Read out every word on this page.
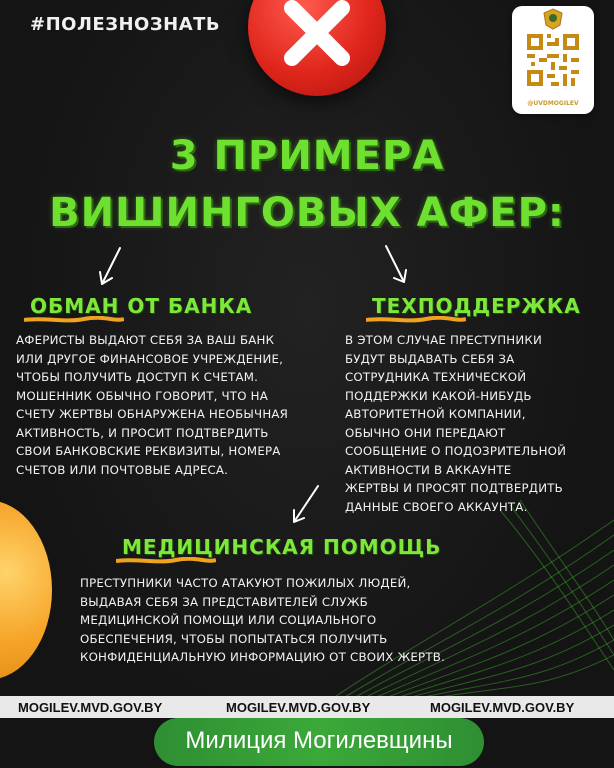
#ПОЛЕЗНОЗНАТЬ
@UVDMOGILEV
3 ПРИМЕРА
ВИШИНГОВЫХ АФЕР:
ОБМАН ОТ БАНКА
АФЕРИСТЫ ВЫДАЮТ СЕБЯ ЗА ВАШ БАНК
ИЛИ ДРУГОЕ ФИНАНСОВОЕ УЧРЕЖДЕНИЕ,
ЧТОБЫ ПОЛУЧИТЬ ДОСТУП К СЧЕТАМ.
МОШЕННИК ОБЫЧНО ГОВОРИТ, ЧТО НА
СЧЕТУ ЖЕРТВЫ ОБНАРУЖЕНА НЕОБЫЧНАЯ
АКТИВНОСТЬ, И ПРОСИТ ПОДТВЕРДИТЬ
СВОИ БАНКОВСКИЕ РЕКВИЗИТЫ, НОМЕРА
СЧЕТОВ ИЛИ ПОЧТОВЫЕ АДРЕСА.
ТЕХПОДДЕРЖКА
В ЭТОМ СЛУЧАЕ ПРЕСТУПНИКИ
БУДУТ ВЫДАВАТЬ СЕБЯ ЗА
СОТРУДНИКА ТЕХНИЧЕСКОЙ
ПОДДЕРЖКИ КАКОЙ-НИБУДЬ
АВТОРИТЕТНОЙ КОМПАНИИ,
ОБЫЧНО ОНИ ПЕРЕДАЮТ
СООБЩЕНИЕ О ПОДОЗРИТЕЛЬНОЙ
АКТИВНОСТИ В АККАУНТЕ
ЖЕРТВЫ И ПРОСЯТ ПОДТВЕРДИТЬ
ДАННЫЕ СВОЕГО АККАУНТА.
МЕДИЦИНСКАЯ ПОМОЩЬ
ПРЕСТУПНИКИ ЧАСТО АТАКУЮТ ПОЖИЛЫХ ЛЮДЕЙ,
ВЫДАВАЯ СЕБЯ ЗА ПРЕДСТАВИТЕЛЕЙ СЛУЖБ
МЕДИЦИНСКОЙ ПОМОЩИ ИЛИ СОЦИАЛЬНОГО
ОБЕСПЕЧЕНИЯ, ЧТОБЫ ПОПЫТАТЬСЯ ПОЛУЧИТЬ
КОНФИДЕНЦИАЛЬНУЮ ИНФОРМАЦИЮ ОТ СВОИХ ЖЕРТВ.
MOGILEV.MVD.GOV.BY	MOGILEV.MVD.GOV.BY	MOGILEV.MVD.GOV.BY
Милиция Могилевщины
